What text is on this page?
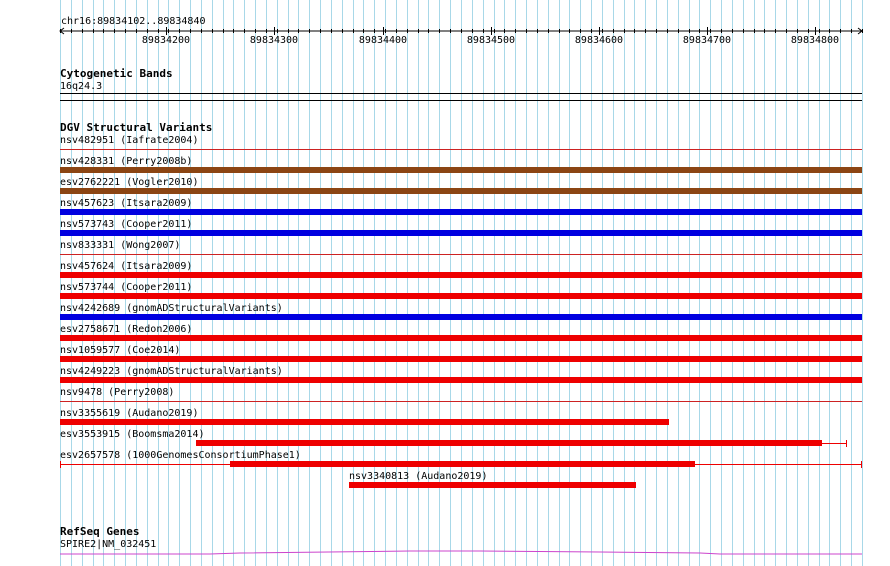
chr16:89834102..89834840
89834200	89834300	89834400	89834500	89834600	89834700	89834800
Cytogenetic Bands
16q24.3
DGV Structural Variants
nsv482951 (Iafrate2004)
nsv428331 (Perry2008b)
esv2762221 (Vogler2010)
nsv457623 (Itsara2009)
nsv573743 (Cooper2011)
nsv833331 (Wong2007)
nsv457624 (Itsara2009)
nsv573744 (Cooper2011)
nsv4242689 (gnomADStructuralVariants)
esv2758671 (Redon2006)
nsv1059577 (Coe2014)
nsv4249223 (gnomADStructuralVariants)
nsv9478 (Perry2008)
nsv3355619 (Audano2019)
esv3553915 (Boomsma2014)
esv2657578 (1000GenomesConsortiumPhase1)
nsv3340813 (Audano2019)
RefSeq Genes
SPIRE2|NM_032451
